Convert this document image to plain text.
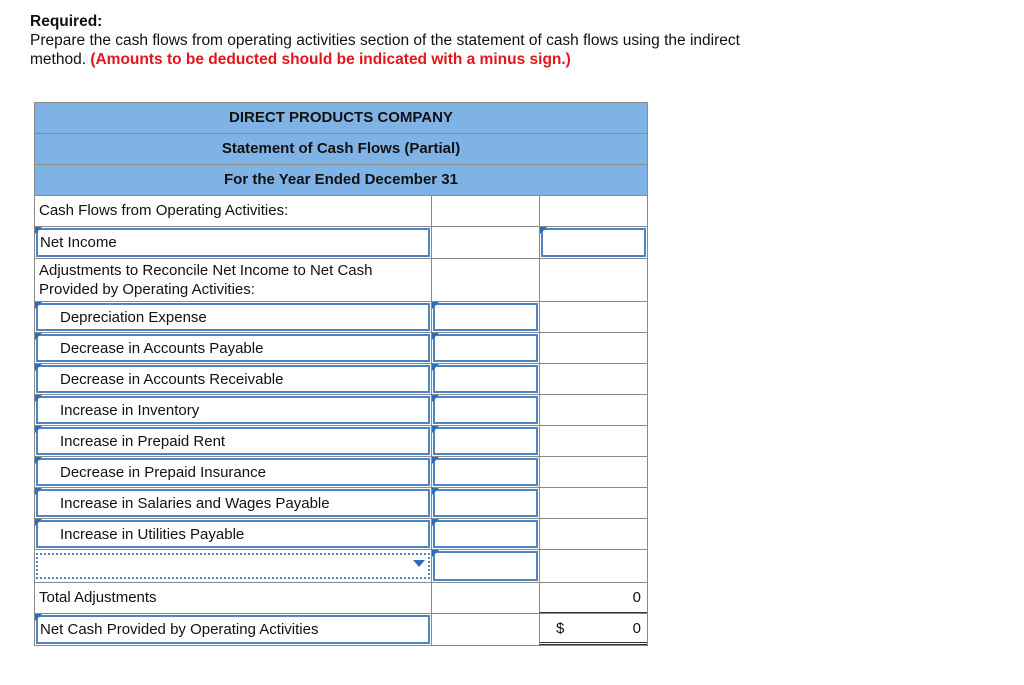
Required:
Prepare the cash flows from operating activities section of the statement of cash flows using the indirect
method. (Amounts to be deducted should be indicated with a minus sign.)
DIRECT PRODUCTS COMPANY
Statement of Cash Flows (Partial)
For the Year Ended December 31
Cash Flows from Operating Activities:
Net Income
Adjustments to Reconcile Net Income to Net Cash Provided by Operating Activities:
Depreciation Expense
Decrease in Accounts Payable
Decrease in Accounts Receivable
Increase in Inventory
Increase in Prepaid Rent
Decrease in Prepaid Insurance
Increase in Salaries and Wages Payable
Increase in Utilities Payable
Total Adjustments	0
Net Cash Provided by Operating Activities	$	0
